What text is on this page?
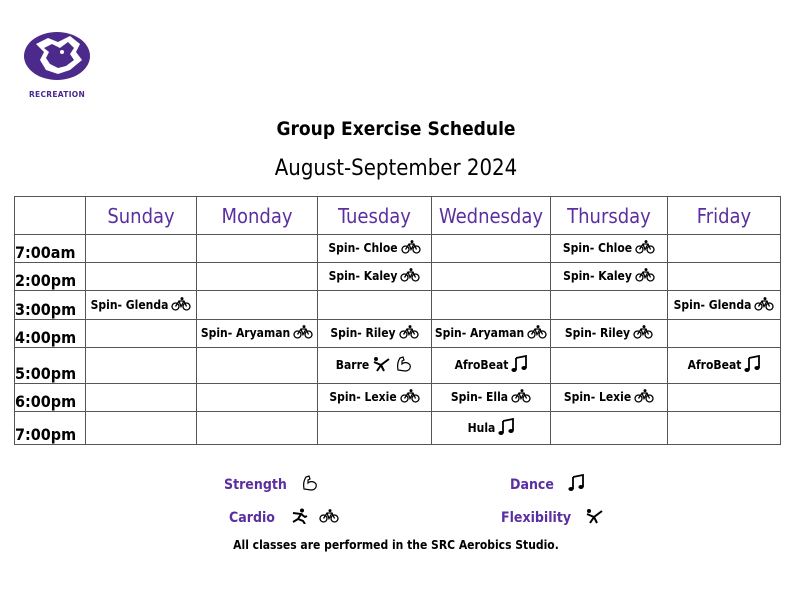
RECREATION
Group Exercise Schedule
August-September 2024
	Sunday	Monday	Tuesday	Wednesday	Thursday	Friday
7:00am			Spin- Chloe		Spin- Chloe	
2:00pm			Spin- Kaley		Spin- Kaley	
3:00pm	Spin- Glenda					Spin- Glenda
4:00pm		Spin- Aryaman	Spin- Riley	Spin- Aryaman	Spin- Riley	
5:00pm			Barre	AfroBeat		AfroBeat
6:00pm			Spin- Lexie	Spin- Ella	Spin- Lexie	
7:00pm				Hula		
Strength
Cardio
Dance
Flexibility
All classes are performed in the SRC Aerobics Studio.
